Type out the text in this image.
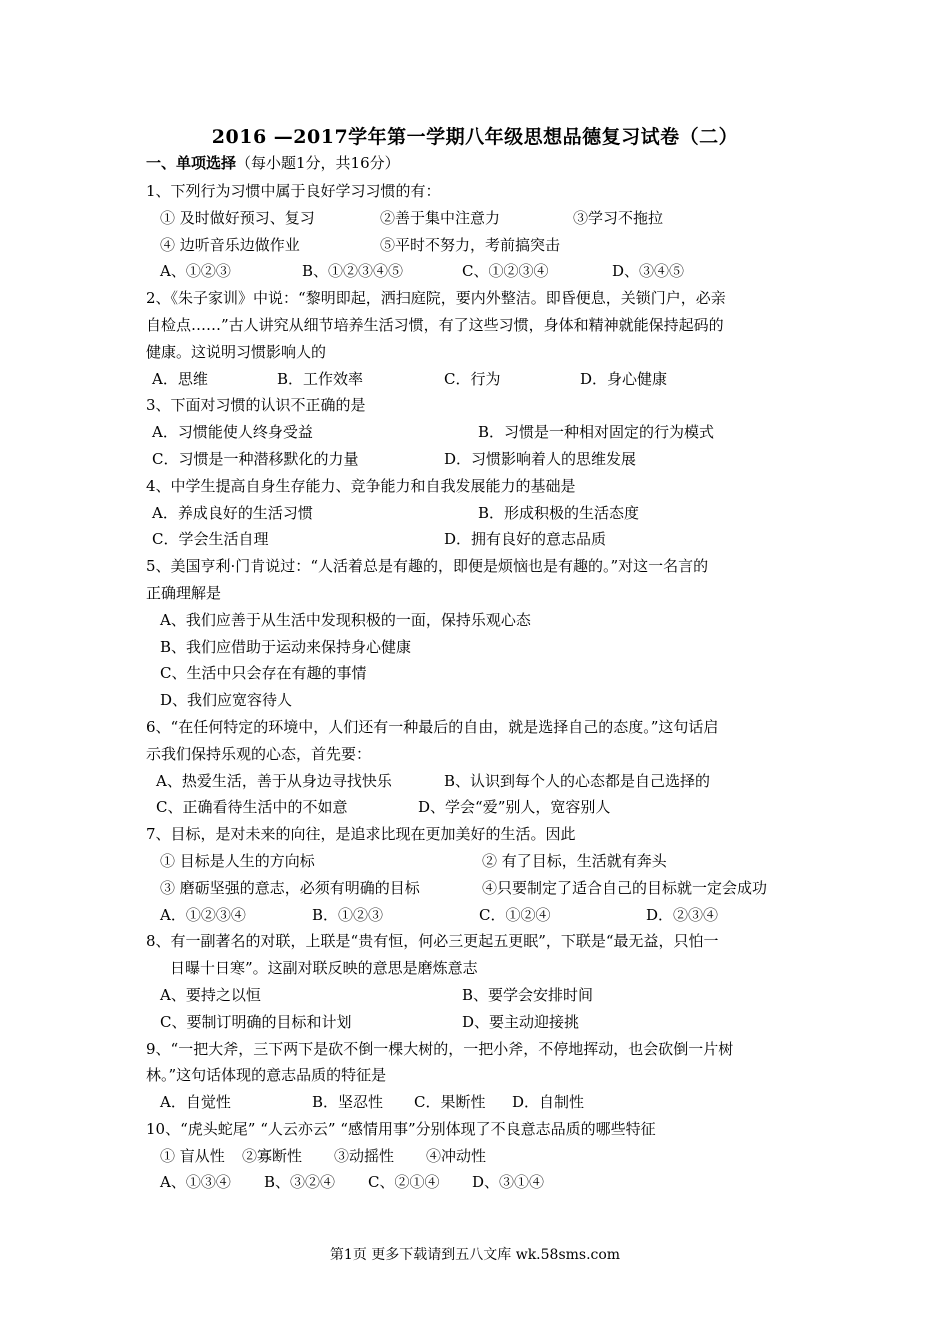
2016 —2017学年第一学期八年级思想品德复习试卷（二）
一、单项选择（每小题1分，共16分）
1、下列行为习惯中属于良好学习习惯的有：
① 及时做好预习、复习	②善于集中注意力	③学习不拖拉
④ 边听音乐边做作业	⑤平时不努力，考前搞突击
A、①②③	B、①②③④⑤	C、①②③④	D、③④⑤
2、《朱子家训》中说：“黎明即起，洒扫庭院，要内外整洁。即昏便息，关锁门户，必亲
自检点……”古人讲究从细节培养生活习惯，有了这些习惯，身体和精神就能保持起码的
健康。这说明习惯影响人的
A．思维	B．工作效率	C．行为	D．身心健康
3、下面对习惯的认识不正确的是
A．习惯能使人终身受益	B．习惯是一种相对固定的行为模式
C．习惯是一种潜移默化的力量	D．习惯影响着人的思维发展
4、中学生提高自身生存能力、竞争能力和自我发展能力的基础是
A．养成良好的生活习惯	B．形成积极的生活态度
C．学会生活自理	D．拥有良好的意志品质
5、美国亨利·门肯说过：“人活着总是有趣的，即便是烦恼也是有趣的。”对这一名言的
正确理解是
A、我们应善于从生活中发现积极的一面，保持乐观心态
B、我们应借助于运动来保持身心健康
C、生活中只会存在有趣的事情
D、我们应宽容待人
6、“在任何特定的环境中，人们还有一种最后的自由，就是选择自己的态度。”这句话启
示我们保持乐观的心态，首先要：
A、热爱生活，善于从身边寻找快乐	B、认识到每个人的心态都是自己选择的
C、正确看待生活中的不如意	D、学会“爱”别人，宽容别人
7、目标，是对未来的向往，是追求比现在更加美好的生活。因此
① 目标是人生的方向标	② 有了目标，生活就有奔头
③ 磨砺坚强的意志，必须有明确的目标	④只要制定了适合自己的目标就一定会成功
A．①②③④	B．①②③	C．①②④	D．②③④
8、有一副著名的对联，上联是“贵有恒，何必三更起五更眠”，下联是“最无益，只怕一
日曝十日寒”。这副对联反映的意思是磨炼意志
A、要持之以恒	B、要学会安排时间
C、要制订明确的目标和计划	D、要主动迎接挑
9、“一把大斧，三下两下是砍不倒一棵大树的，一把小斧，不停地挥动，也会砍倒一片树
林。”这句话体现的意志品质的特征是
A．自觉性	B．坚忍性	C．果断性	D．自制性
10、“虎头蛇尾” “人云亦云” “感情用事”分别体现了不良意志品质的哪些特征
① 盲从性	②寡断性	③动摇性	④冲动性
A、①③④	B、③②④	C、②①④	D、③①④
第1页 更多下载请到五八文库 wk.58sms.com
